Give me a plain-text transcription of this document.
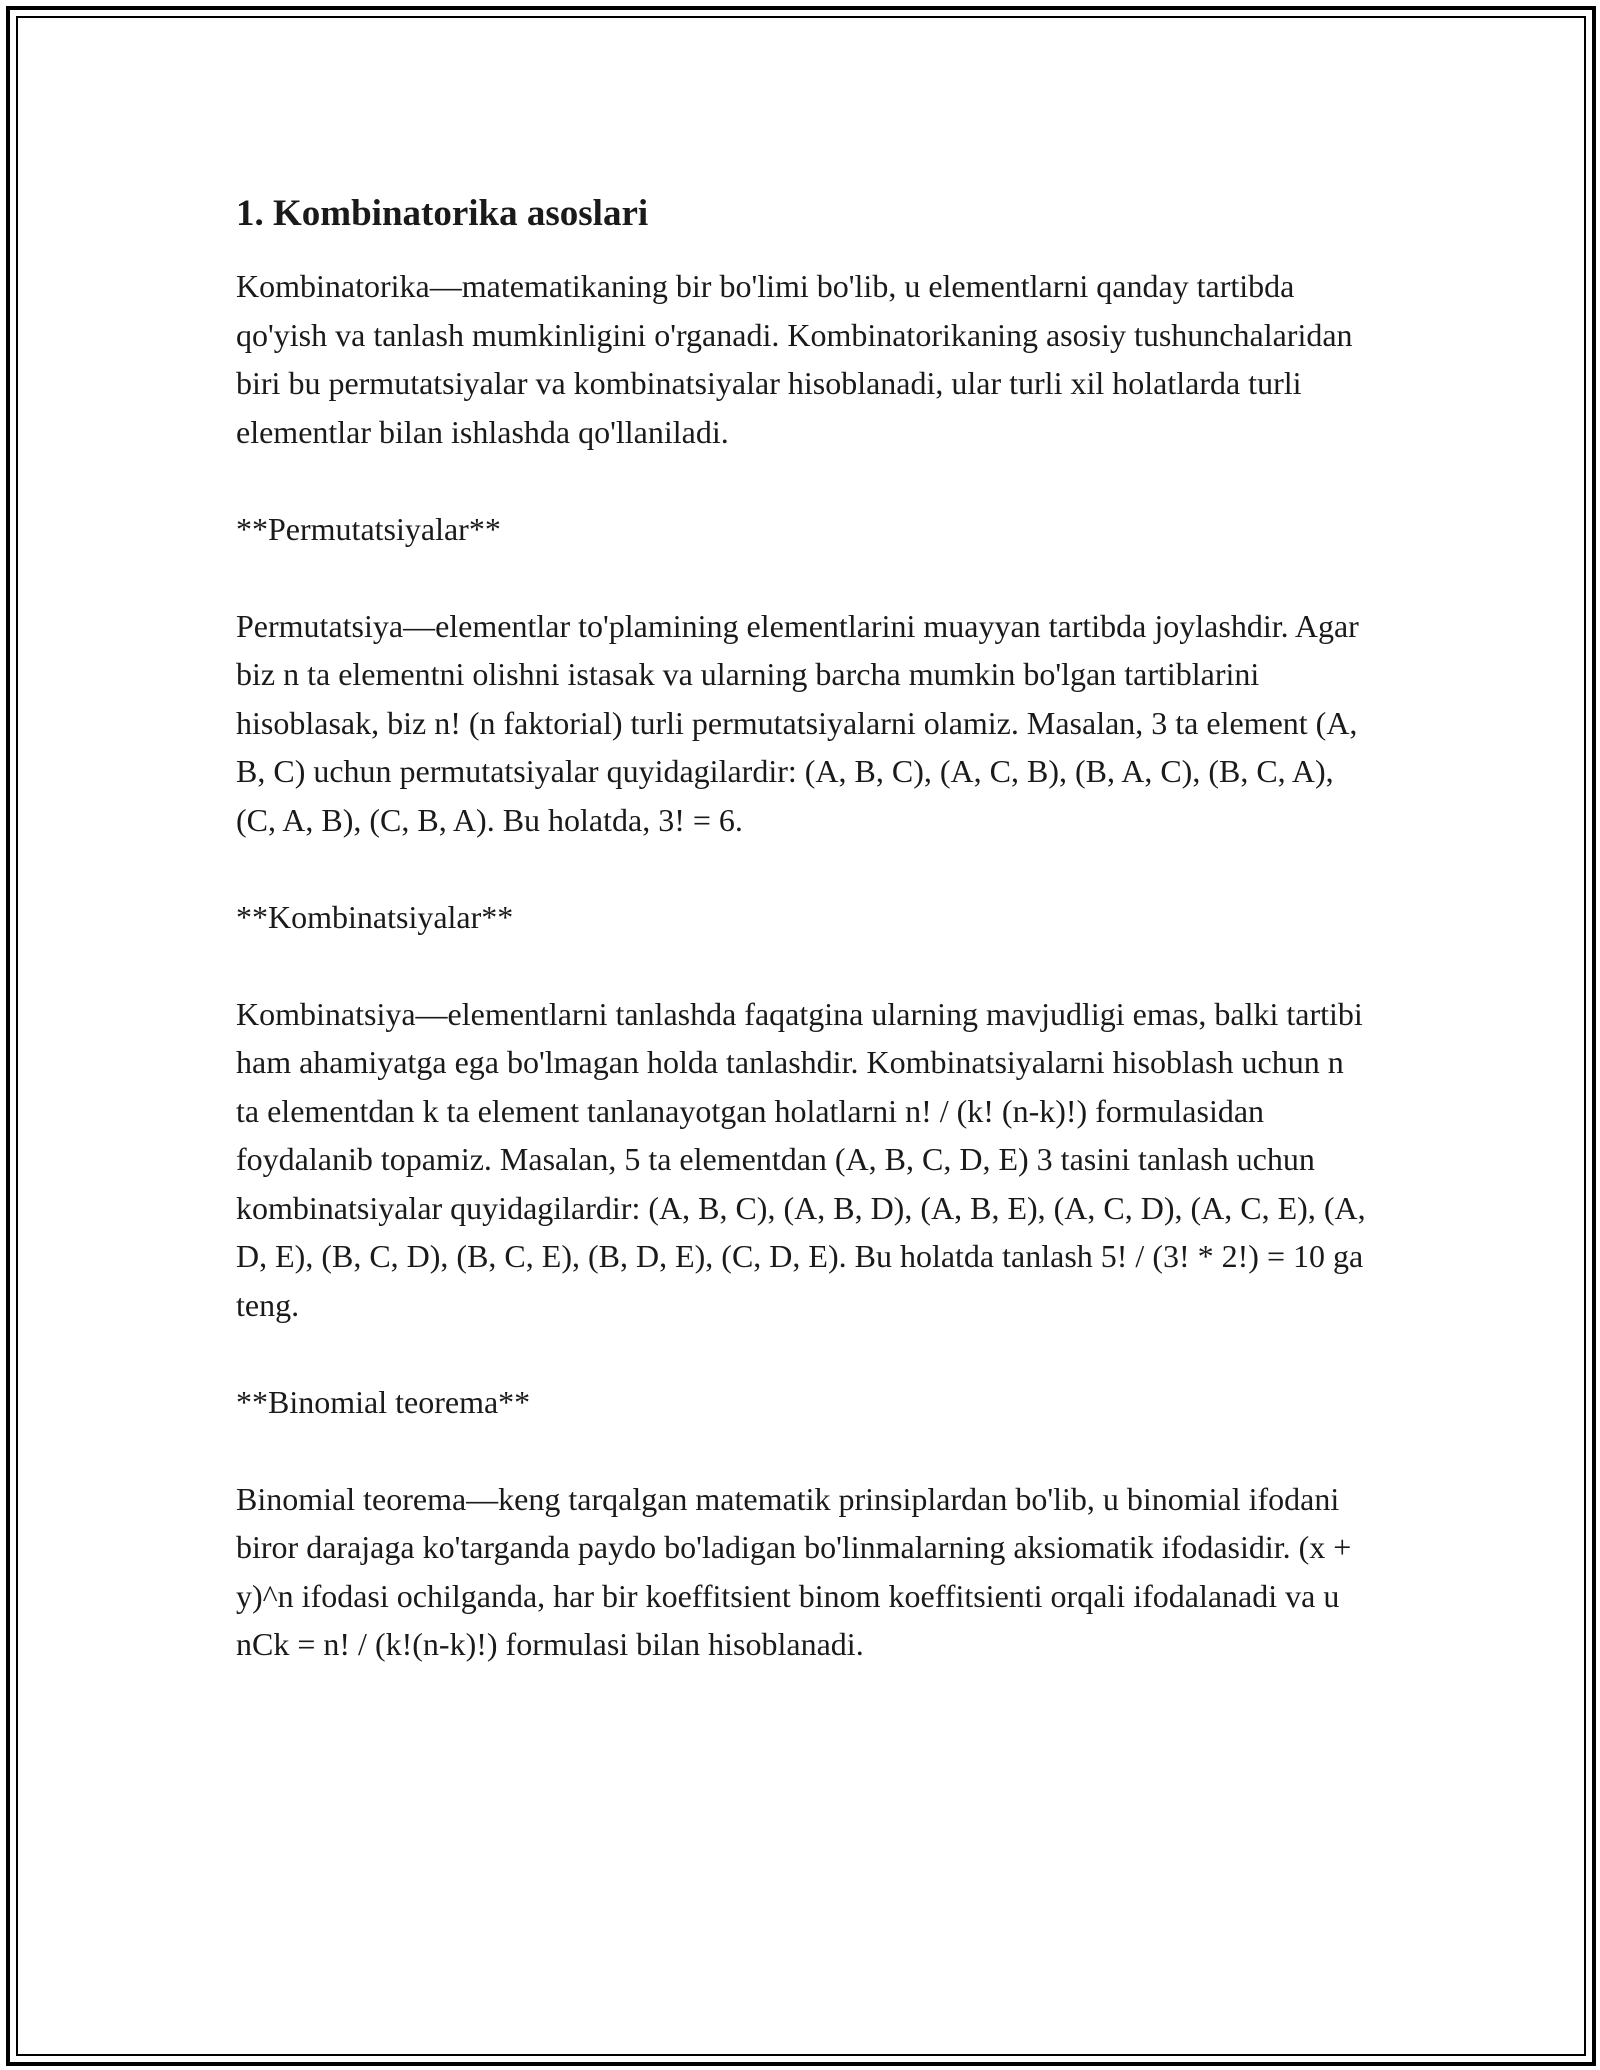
1. Kombinatorika asoslari

Kombinatorika—matematikaning bir bo'limi bo'lib, u elementlarni qanday tartibda qo'yish va tanlash mumkinligini o'rganadi. Kombinatorikaning asosiy tushunchalaridan biri bu permutatsiyalar va kombinatsiyalar hisoblanadi, ular turli xil holatlarda turli elementlar bilan ishlashda qo'llaniladi.

**Permutatsiyalar**

Permutatsiya—elementlar to'plamining elementlarini muayyan tartibda joylashdir. Agar biz n ta elementni olishni istasak va ularning barcha mumkin bo'lgan tartiblarini hisoblasak, biz n! (n faktorial) turli permutatsiyalarni olamiz. Masalan, 3 ta element (A, B, C) uchun permutatsiyalar quyidagilardir: (A, B, C), (A, C, B), (B, A, C), (B, C, A), (C, A, B), (C, B, A). Bu holatda, 3! = 6.

**Kombinatsiyalar**

Kombinatsiya—elementlarni tanlashda faqatgina ularning mavjudligi emas, balki tartibi ham ahamiyatga ega bo'lmagan holda tanlashdir. Kombinatsiyalarni hisoblash uchun n ta elementdan k ta element tanlanayotgan holatlarni n! / (k! (n-k)!) formulasidan foydalanib topamiz. Masalan, 5 ta elementdan (A, B, C, D, E) 3 tasini tanlash uchun kombinatsiyalar quyidagilardir: (A, B, C), (A, B, D), (A, B, E), (A, C, D), (A, C, E), (A, D, E), (B, C, D), (B, C, E), (B, D, E), (C, D, E). Bu holatda tanlash 5! / (3! * 2!) = 10 ga teng.

**Binomial teorema**

Binomial teorema—keng tarqalgan matematik prinsiplardan bo'lib, u binomial ifodani biror darajaga ko'targanda paydo bo'ladigan bo'linmalarning aksiomatik ifodasidir. (x + y)^n ifodasi ochilganda, har bir koeffitsient binom koeffitsienti orqali ifodalanadi va u nCk = n! / (k!(n-k)!) formulasi bilan hisoblanadi.
